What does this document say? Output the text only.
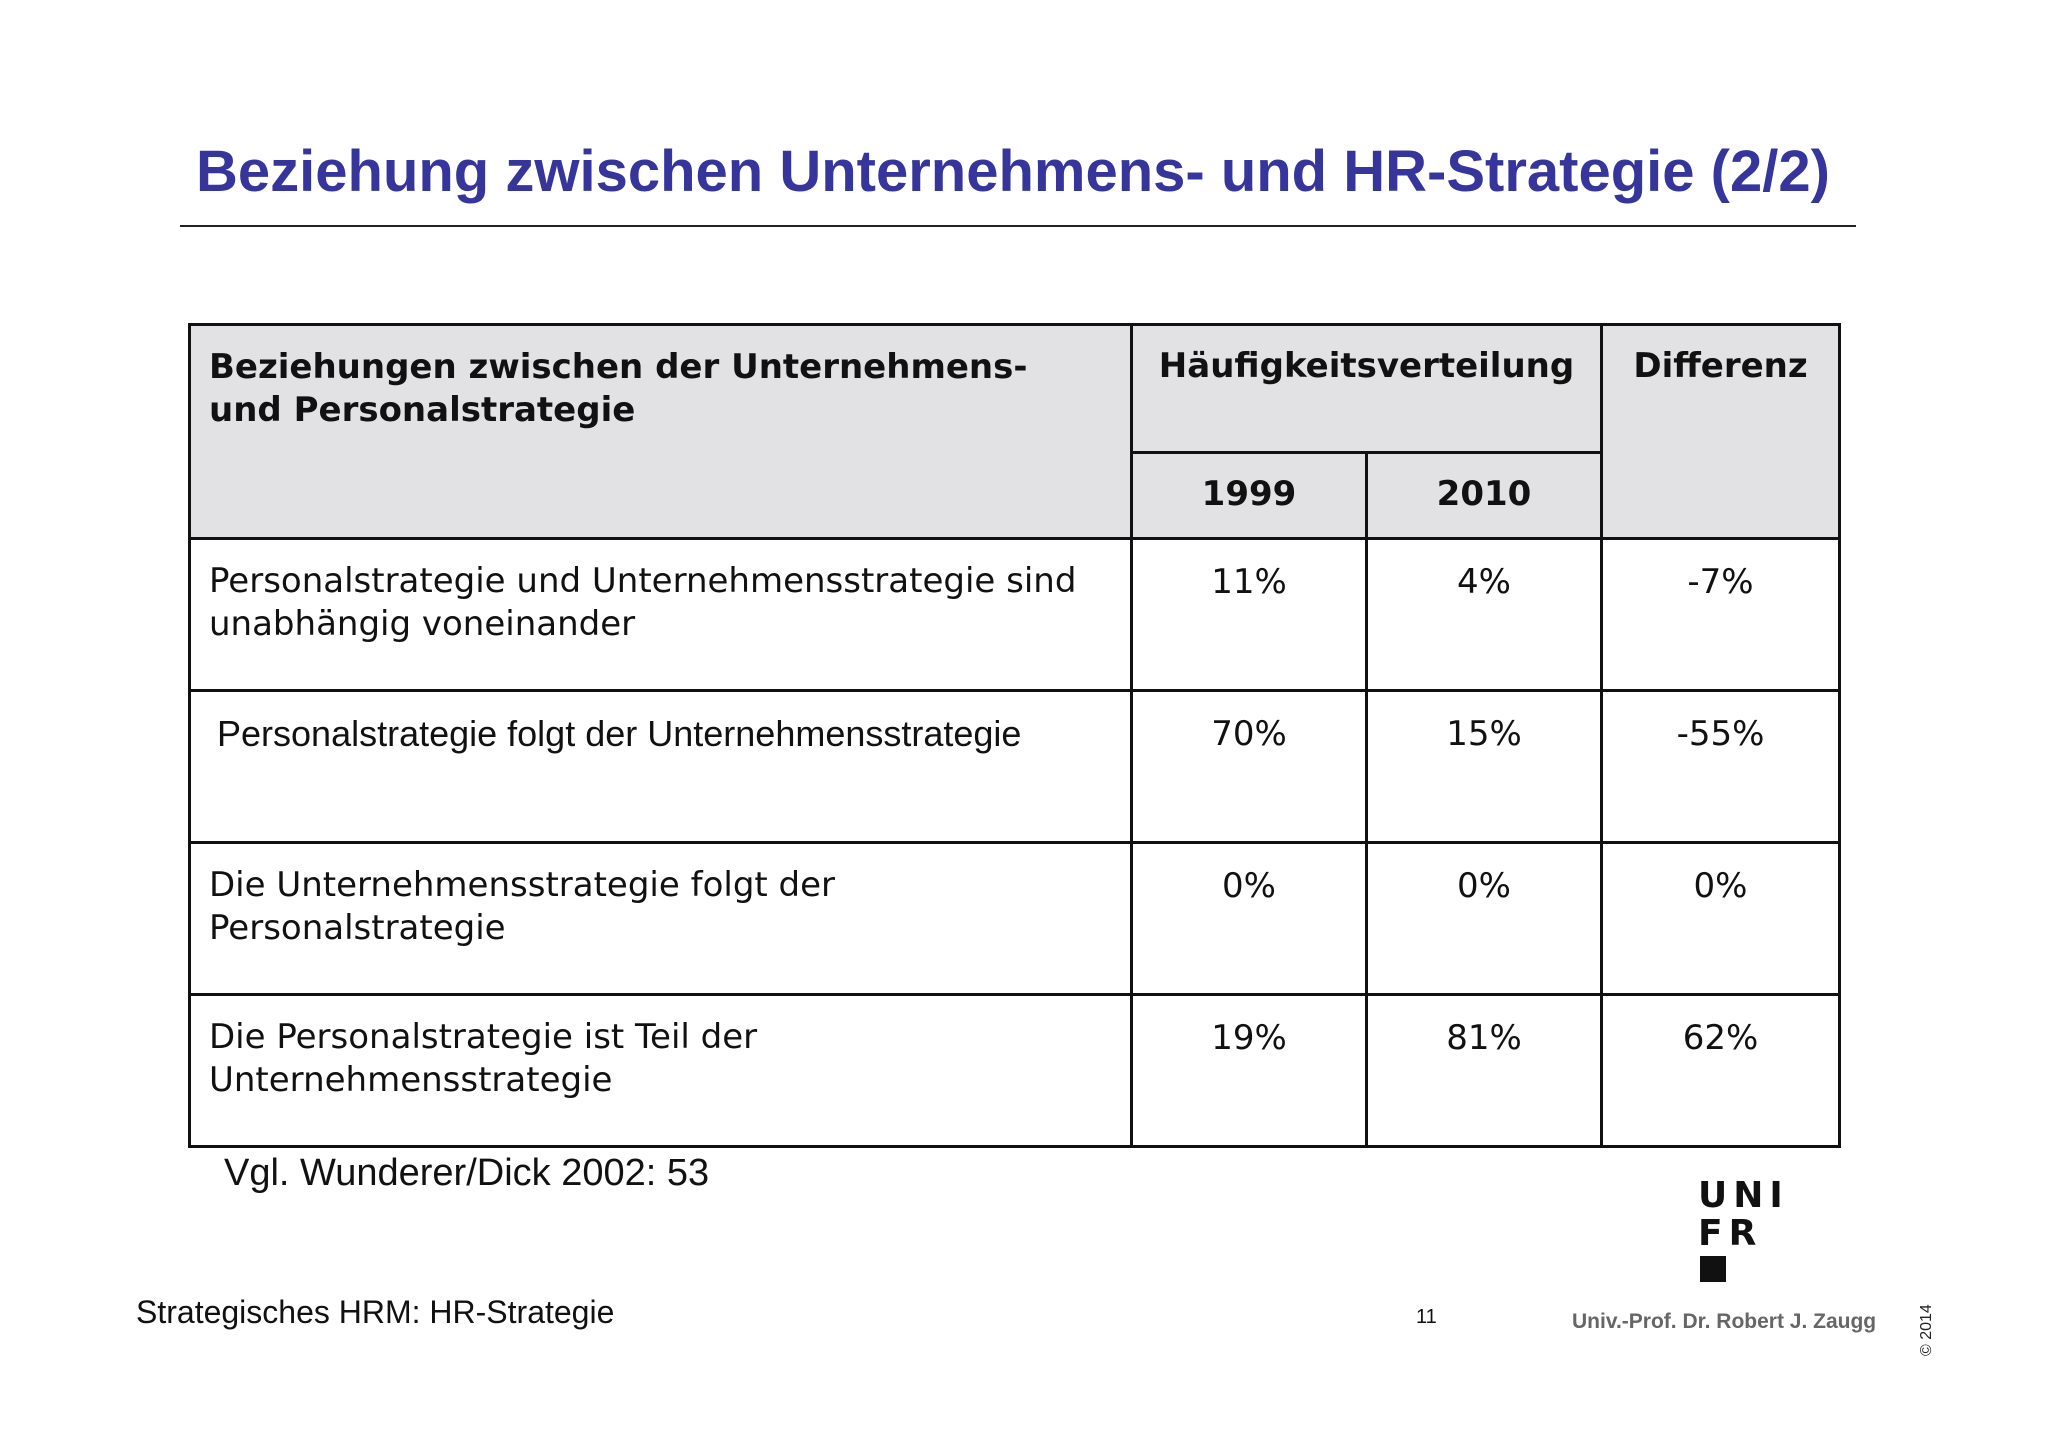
Beziehung zwischen Unternehmens- und HR-Strategie (2/2)
Beziehungen zwischen der Unternehmens- und Personalstrategie	Häufigkeitsverteilung		Differenz
	1999	2010	
Personalstrategie und Unternehmensstrategie sind unabhängig voneinander	11%	4%	-7%
Personalstrategie folgt der Unternehmensstrategie	70%	15%	-55%
Die Unternehmensstrategie folgt der Personalstrategie	0%	0%	0%
Die Personalstrategie ist Teil der Unternehmensstrategie	19%	81%	62%
Vgl. Wunderer/Dick 2002: 53
UNI
FR
Strategisches HRM: HR-Strategie	11	Univ.-Prof. Dr. Robert J. Zaugg	© 2014
